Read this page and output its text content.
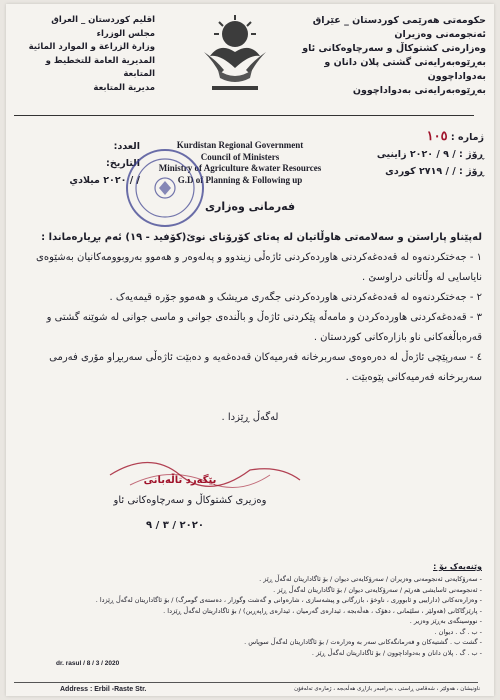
حکومەتی هەرێمی کوردستان _ عێراق
ئەنجومەنی وەزیران
وەزارەتی کشتوکاڵ و سەرچاوەکانی ئاو
بەڕێوەبەرایەتی گشتی پلان دانان و بەدواداچوون
بەڕێوەبەرایەتی بەدواداچوون
اقليم كوردستان _ العراق
مجلس الوزراء
وزارة الزراعة و الموارد المائية
المديرية العامة للتخطيط و المتابعة
مديرية المتابعة
ژمارە : ١٠٥
ڕۆژ : / ٩ / ٢٠٢٠ زاینیی
ڕۆژ : / / ٢٧١٩ کوردی
Kurdistan Regional Government
Council of Ministers
Ministry of Agriculture &water Resources
G.D of Planning & Following up
العدد:
التاريخ:
/ / ٢٠٢٠ ميلادي
فەرمانی وەزاری

لەپێناو پاراستن و سەلامەتی هاوڵاتیان لە پەتای کۆرۆنای نوێ(کۆفید - ١٩) ئەم بڕیارەماندا :

١ - جەختکردنەوە لە قەدەغەکردنی هاوردەکردنی ئاژەڵی زیندوو و پەلەوەر و هەموو بەروبوومەکانیان بەشێوەی نایاسایی لە وڵاتانی دراوسێ .

٢ - جەختکردنەوە لە قەدەغەکردنی هاوردەکردنی جگەری مریشک و هەموو جۆرە قیمەیەک .

٣ - قەدەغەکردنی هاوردەکردن و مامەڵە پێکردنی ئاژەڵ و باڵندەی جوانی و ماسی جوانی لە شوێنە گشتی و قەرەباڵغەکانی ناو بازارەکانی کوردستان .

٤ - سەرپێچی ئاژەڵ لە دەرەوەی سەربرخانە فەرمیەکان قەدەغەیە و دەبێت ئاژەڵی سەربڕاو مۆری فەرمی سەربرخانە فەرمیەکانی پێوەبێت .

لەگەڵ ڕێزدا .
بێگەرد تاڵەبانی
وەزیری کشتوکاڵ و سەرچاوەکانی ئاو
٢٠٢٠ / ٣ / ٩
وێنەیەک بۆ :
- سەرۆکایەتی ئەنجومەنی وەزیران / سەرۆکایەتی دیوان / بۆ ئاگاداریتان لەگەڵ ڕێز .
- ئەنجومەنی ئاسایشی هەرێم / سەرۆکایەتی دیوان / بۆ ئاگاداریتان لەگەڵ ڕێز .
- وەزارەتەکانی (داراییی و ئابووری ، ناوخۆ ، بازرگانی و پیشەسازی ، شارەوانی و گەشت وگوزار ، دەستەی گومرگ) / بۆ ئاگاداریتان لەگەڵ ڕێزدا .
- پارێزگاکانی (هەولێر ، سلێمانی ، دهۆک ، هەڵەبجە ، ئیدارەی گەرمیان ، ئیدارەی ڕاپەڕین) / بۆ ئاگاداریتان لەگەڵ ڕێزدا .
- نووسینگەی بەڕێز وەزیر .
- ب . گ . دیوان .
- گشت ب . گشتیەکان و فەرمانگەکانی سەر بە وەزارەت / بۆ ئاگاداریتان لەگەڵ سوپاس .
- ب . گ . پلان دانان و بەدواداچوون / بۆ ئاگاداریتان لەگەڵ ڕێز .
dr. rasul / 8 / 3 / 2020
Address : Erbil -Raste Str.	ناونیشان ، هەولێر ، شەقامی ڕاستی ، بەرامبەر بازاڕی هەڵەبجە ، ژمارەی تەلەفۆن
